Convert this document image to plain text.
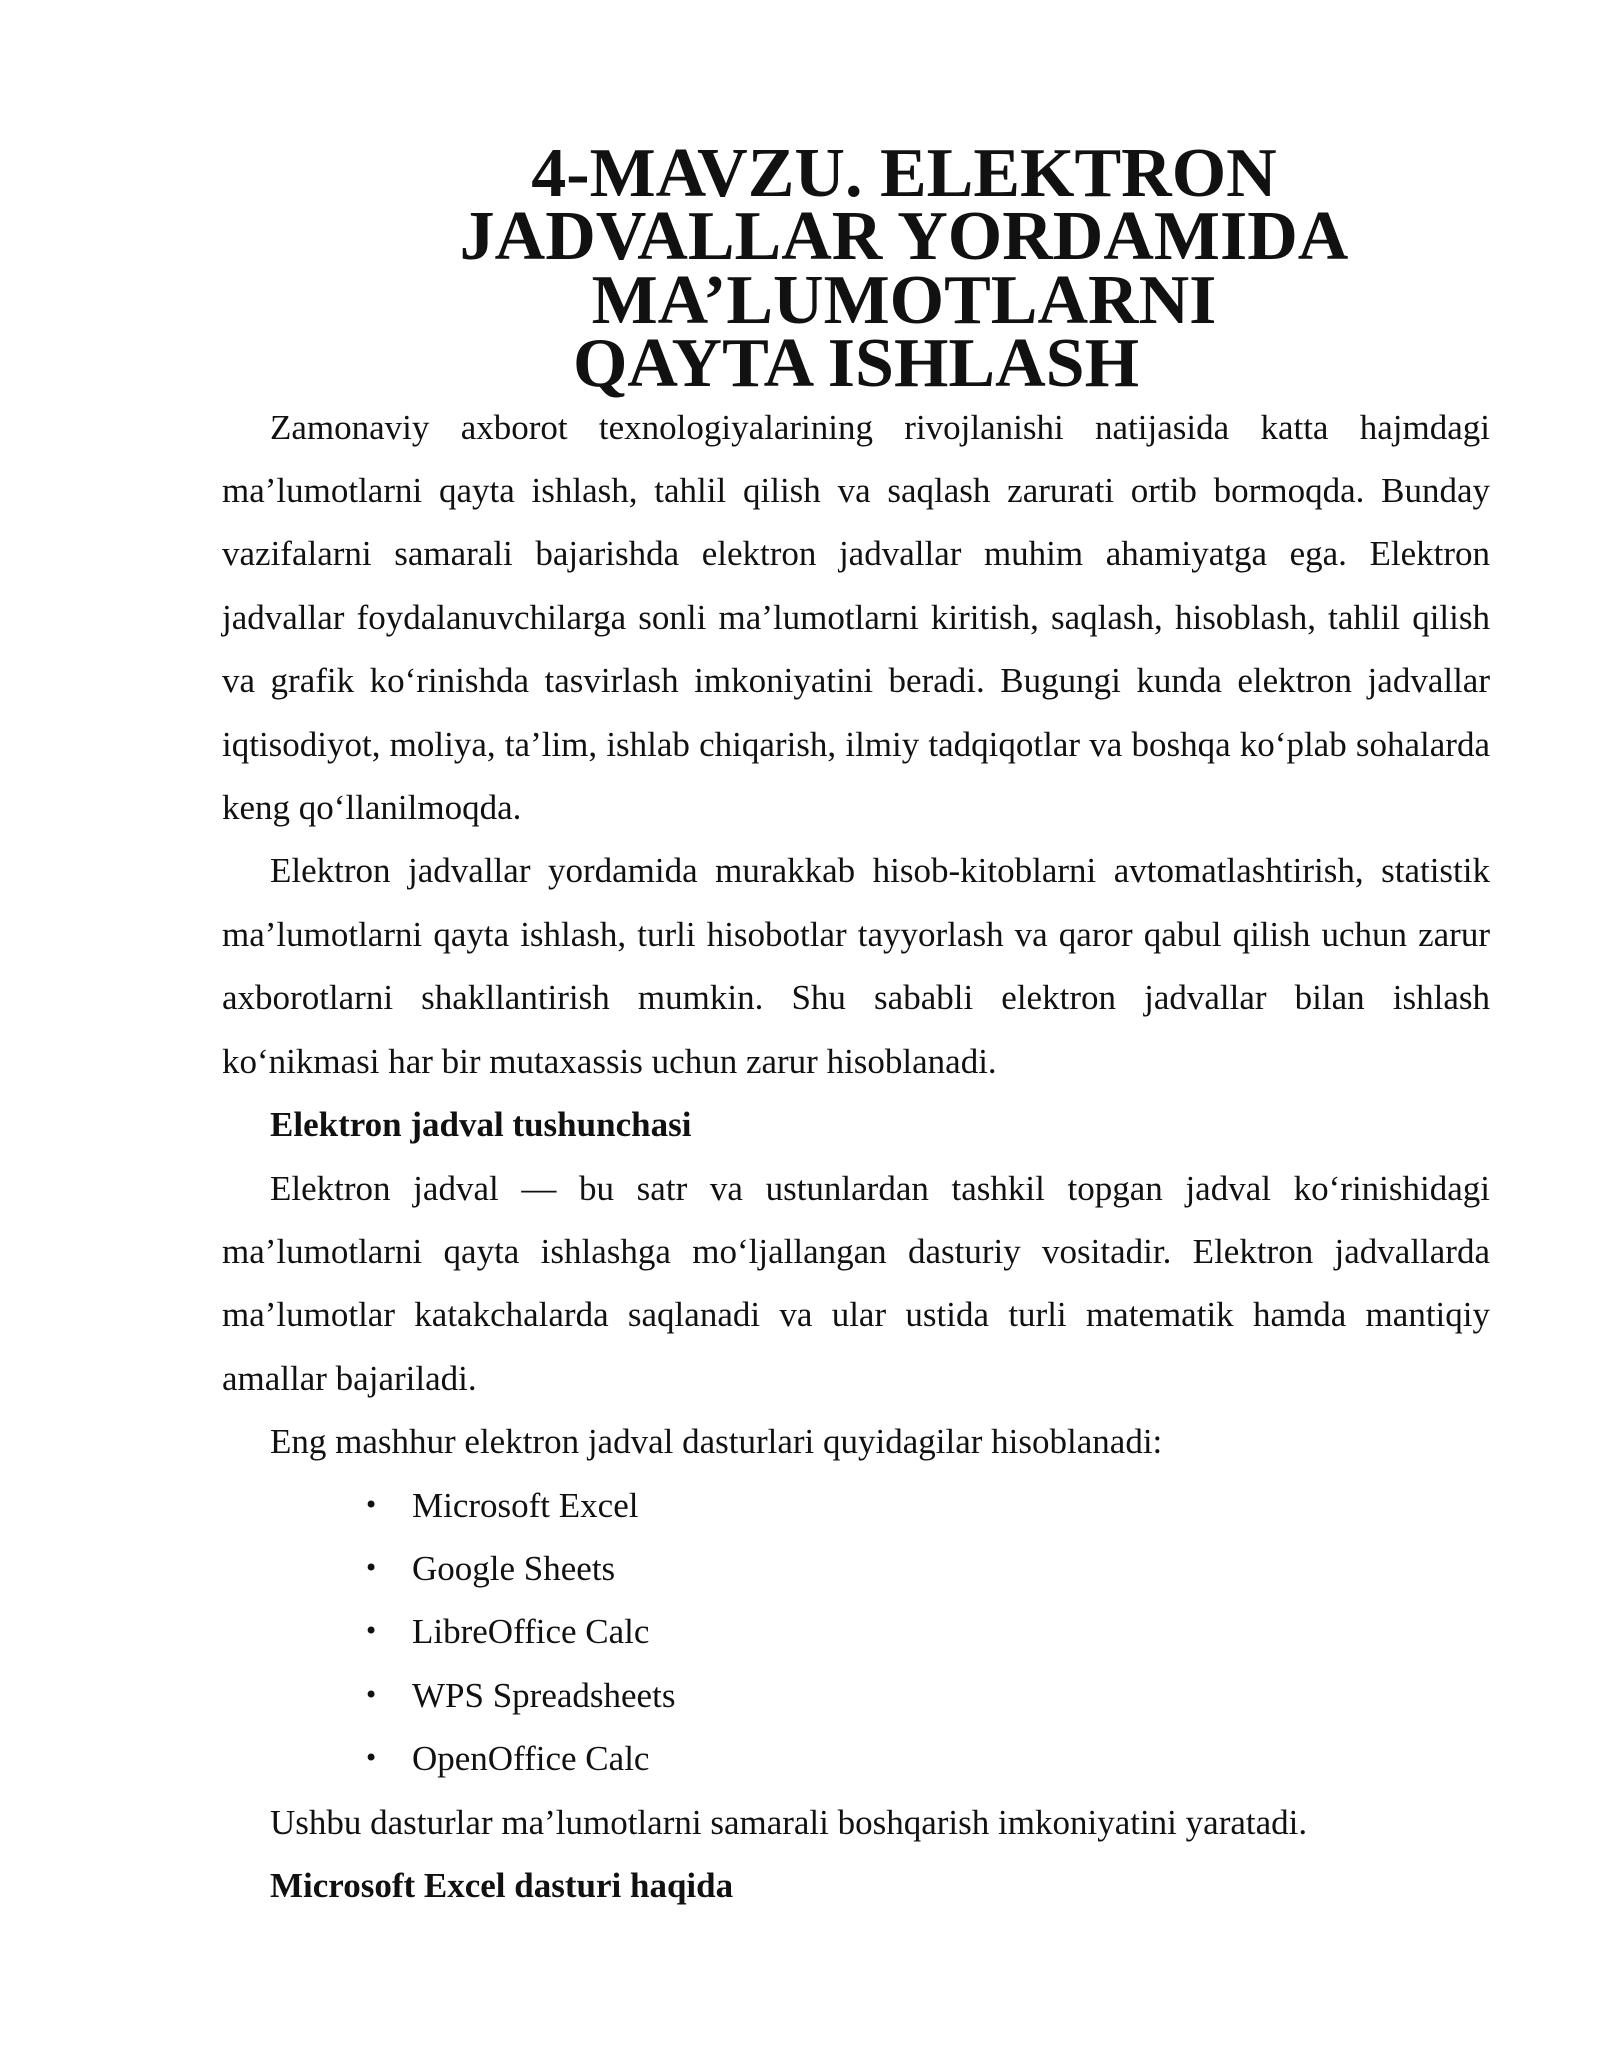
4-MAVZU. ELEKTRON JADVALLAR YORDAMIDA MA’LUMOTLARNI
QAYTA ISHLASH

Zamonaviy axborot texnologiyalarining rivojlanishi natijasida katta hajmdagi ma’lumotlarni qayta ishlash, tahlil qilish va saqlash zarurati ortib bormoqda. Bunday vazifalarni samarali bajarishda elektron jadvallar muhim ahamiyatga ega. Elektron jadvallar foydalanuvchilarga sonli ma’lumotlarni kiritish, saqlash, hisoblash, tahlil qilish va grafik ko‘rinishda tasvirlash imkoniyatini beradi. Bugungi kunda elektron jadvallar iqtisodiyot, moliya, ta’lim, ishlab chiqarish, ilmiy tadqiqotlar va boshqa ko‘plab sohalarda keng qo‘llanilmoqda.

Elektron jadvallar yordamida murakkab hisob-kitoblarni avtomatlashtirish, statistik ma’lumotlarni qayta ishlash, turli hisobotlar tayyorlash va qaror qabul qilish uchun zarur axborotlarni shakllantirish mumkin. Shu sababli elektron jadvallar bilan ishlash ko‘nikmasi har bir mutaxassis uchun zarur hisoblanadi.

Elektron jadval tushunchasi

Elektron jadval — bu satr va ustunlardan tashkil topgan jadval ko‘rinishidagi ma’lumotlarni qayta ishlashga mo‘ljallangan dasturiy vositadir. Elektron jadvallarda ma’lumotlar katakchalarda saqlanadi va ular ustida turli matematik hamda mantiqiy amallar bajariladi.

Eng mashhur elektron jadval dasturlari quyidagilar hisoblanadi:

• Microsoft Excel
• Google Sheets
• LibreOffice Calc
• WPS Spreadsheets
• OpenOffice Calc

Ushbu dasturlar ma’lumotlarni samarali boshqarish imkoniyatini yaratadi.

Microsoft Excel dasturi haqida
